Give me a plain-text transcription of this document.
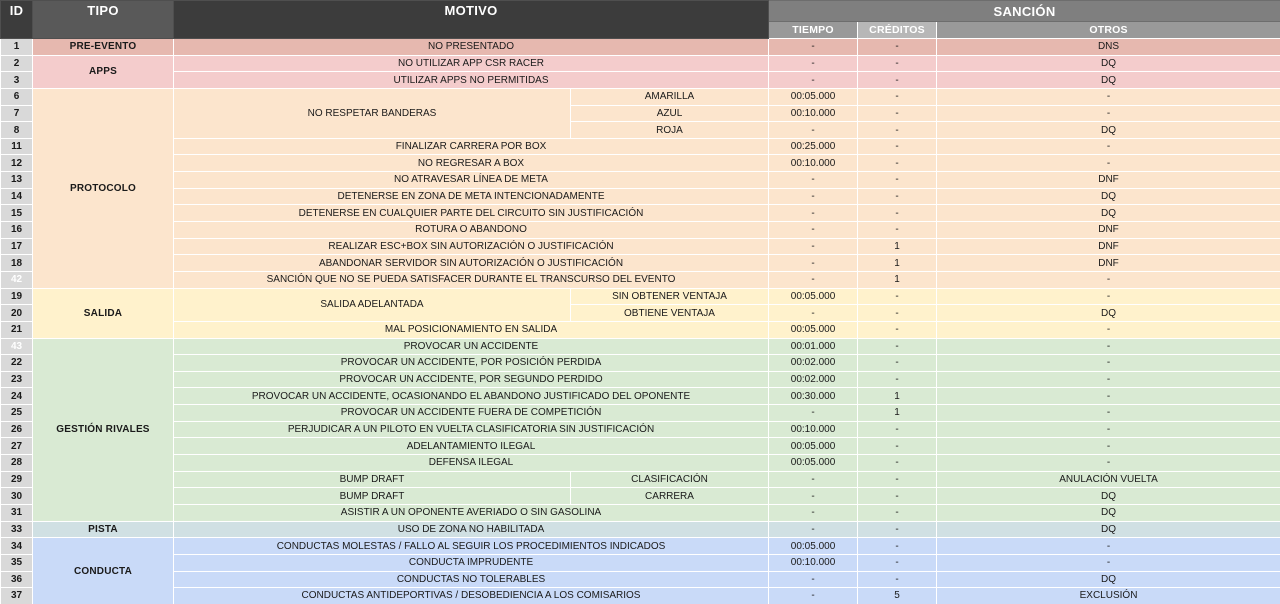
ID	TIPO	MOTIVO		SANCIÓN		
				TIEMPO	CRÉDITOS	OTROS
1	PRE-EVENTO	NO PRESENTADO		-	-	DNS
2	APPS	NO UTILIZAR APP CSR RACER		-	-	DQ
3		UTILIZAR APPS NO PERMITIDAS		-	-	DQ
6	PROTOCOLO	NO RESPETAR BANDERAS	AMARILLA	00:05.000	-	-
7			AZUL	00:10.000	-	-
8			ROJA	-	-	DQ
11		FINALIZAR CARRERA POR BOX		00:25.000	-	-
12		NO REGRESAR A BOX		00:10.000	-	-
13		NO ATRAVESAR LÍNEA DE META		-	-	DNF
14		DETENERSE EN ZONA DE META INTENCIONADAMENTE		-	-	DQ
15		DETENERSE EN CUALQUIER PARTE DEL CIRCUITO SIN JUSTIFICACIÓN		-	-	DQ
16		ROTURA O ABANDONO		-	-	DNF
17		REALIZAR ESC+BOX SIN AUTORIZACIÓN O JUSTIFICACIÓN		-	1	DNF
18		ABANDONAR SERVIDOR SIN AUTORIZACIÓN O JUSTIFICACIÓN		-	1	DNF
42		SANCIÓN QUE NO SE PUEDA SATISFACER DURANTE EL TRANSCURSO DEL EVENTO		-	1	-
19	SALIDA	SALIDA ADELANTADA	SIN OBTENER VENTAJA	00:05.000	-	-
20			OBTIENE VENTAJA	-	-	DQ
21		MAL POSICIONAMIENTO EN SALIDA		00:05.000	-	-
43	GESTIÓN RIVALES	PROVOCAR UN ACCIDENTE		00:01.000	-	-
22		PROVOCAR UN ACCIDENTE, POR POSICIÓN PERDIDA		00:02.000	-	-
23		PROVOCAR UN ACCIDENTE, POR SEGUNDO PERDIDO		00:02.000	-	-
24		PROVOCAR UN ACCIDENTE, OCASIONANDO EL ABANDONO JUSTIFICADO DEL OPONENTE		00:30.000	1	-
25		PROVOCAR UN ACCIDENTE FUERA DE COMPETICIÓN		-	1	-
26		PERJUDICAR A UN PILOTO EN VUELTA CLASIFICATORIA SIN JUSTIFICACIÓN		00:10.000	-	-
27		ADELANTAMIENTO ILEGAL		00:05.000	-	-
28		DEFENSA ILEGAL		00:05.000	-	-
29		BUMP DRAFT	CLASIFICACIÓN	-	-	ANULACIÓN VUELTA
30		BUMP DRAFT	CARRERA	-	-	DQ
31		ASISTIR A UN OPONENTE AVERIADO O SIN GASOLINA		-	-	DQ
33	PISTA	USO DE ZONA NO HABILITADA		-	-	DQ
34	CONDUCTA	CONDUCTAS MOLESTAS / FALLO AL SEGUIR LOS PROCEDIMIENTOS INDICADOS		00:05.000	-	-
35		CONDUCTA IMPRUDENTE		00:10.000	-	-
36		CONDUCTAS NO TOLERABLES		-	-	DQ
37		CONDUCTAS ANTIDEPORTIVAS / DESOBEDIENCIA A LOS COMISARIOS		-	5	EXCLUSIÓN
